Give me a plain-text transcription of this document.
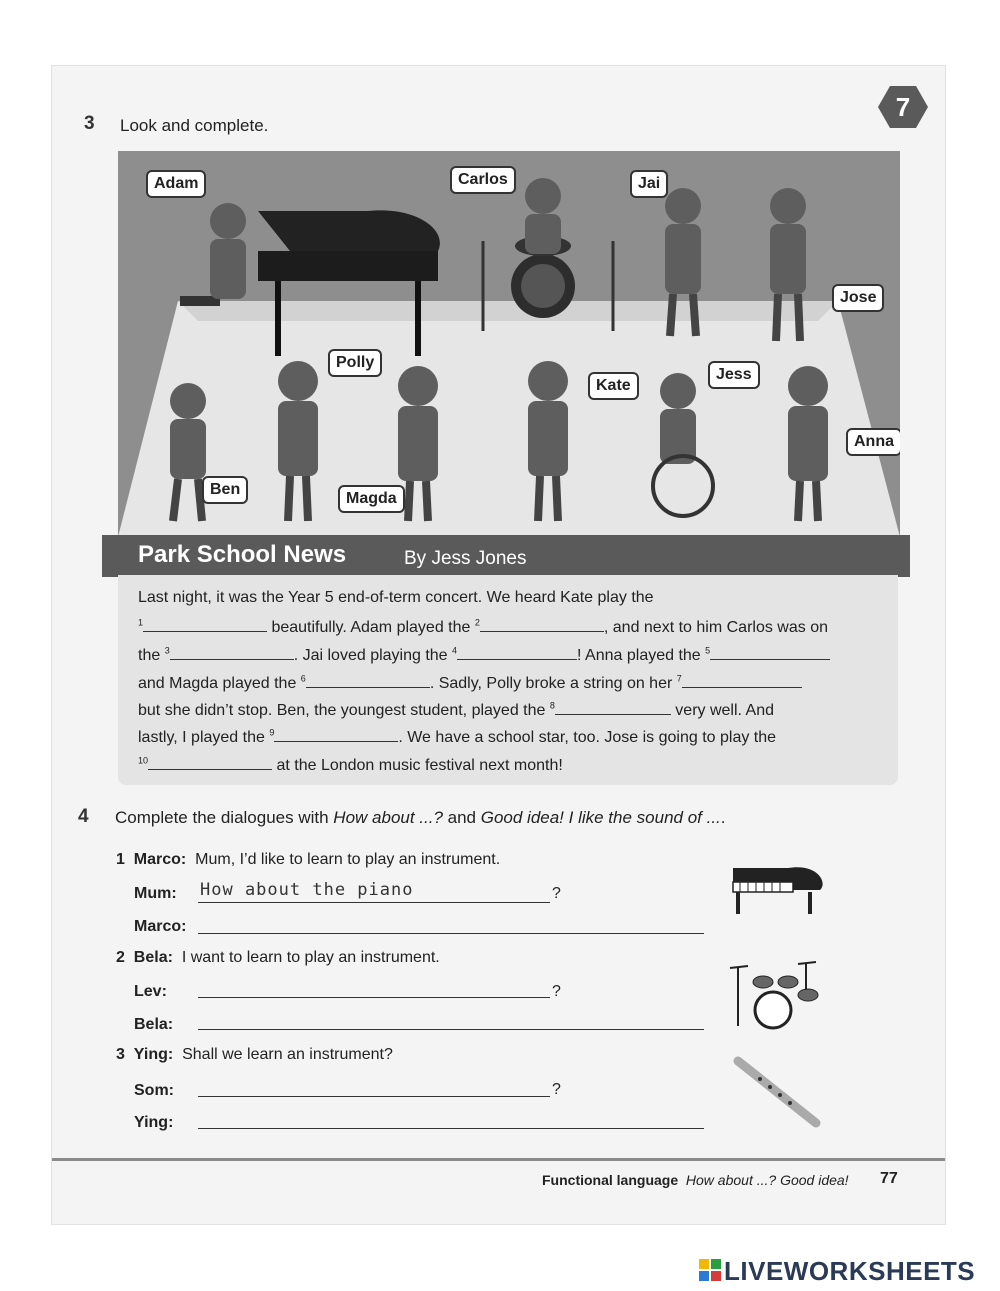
7
3 Look and complete.
Adam	Carlos	Jai
Jose
Polly
Kate
Jess
Anna
Ben
Magda
Park School News	By Jess Jones
Last night, it was the Year 5 end-of-term concert. We heard Kate play the
$^1$	beautifully. Adam played the $^2$	, and next to him Carlos was on
the $^3$	. Jai loved playing the $^4$	! Anna played the $^5$
and Magda played the $^6$	. Sadly, Polly broke a string on her $^7$
but she didn’t stop. Ben, the youngest student, played the $^8$	very well. And
lastly, I played the $^9$	. We have a school star, too. Jose is going to play the
$^{10}$	at the London music festival next month!
4 Complete the dialogues with How about ...? and Good idea! I like the sound of ....
1 Marco: Mum, I’d like to learn to play an instrument.
Mum: How about the piano	?
Marco:
2 Bela: I want to learn to play an instrument.
Lev:	?
Bela:
3 Ying: Shall we learn an instrument?
Som:	?
Ying:
Functional language How about ...? Good idea! 77
LIVEWORKSHEETS
